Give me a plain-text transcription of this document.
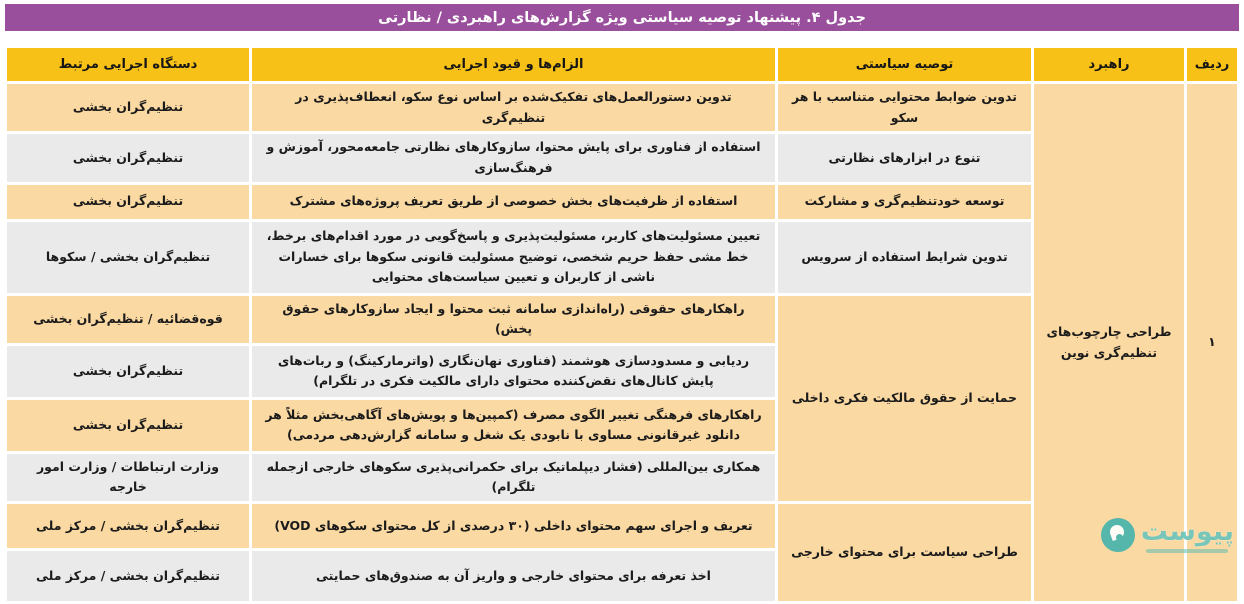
جدول ۴. پیشنهاد توصیه سیاستی ویژه گزارش‌های راهبردی / نظارتی
ردیف	راهبرد	توصیه سیاستی	الزام‌ها و قیود اجرایی	دستگاه اجرایی مرتبط
۱	طراحی چارچوب‌های تنظیم‌گری نوین	تدوین ضوابط محتوایی متناسب با هر سکو	تدوین دستورالعمل‌های تفکیک‌شده بر اساس نوع سکو، انعطاف‌پذیری در تنظیم‌گری	تنظیم‌گران بخشی
		تنوع در ابزارهای نظارتی	استفاده از فناوری برای پایش محتوا، سازوکارهای نظارتی جامعه‌محور، آموزش و فرهنگ‌سازی	تنظیم‌گران بخشی
		توسعه خودتنظیم‌گری و مشارکت	استفاده از ظرفیت‌های بخش خصوصی از طریق تعریف پروژه‌های مشترک	تنظیم‌گران بخشی
		تدوین شرایط استفاده از سرویس	تعیین مسئولیت‌های کاربر، مسئولیت‌پذیری و پاسخ‌گویی در مورد اقدام‌های برخط، خط مشی حفظ حریم شخصی، توضیح مسئولیت قانونی سکوها برای خسارات ناشی از کاربران و تعیین سیاست‌های محتوایی	تنظیم‌گران بخشی / سکوها
		حمایت از حقوق مالکیت فکری داخلی	راهکارهای حقوقی (راه‌اندازی سامانه ثبت محتوا و ایجاد سازوکارهای حقوق پخش)	قوه‌قضائیه / تنظیم‌گران بخشی
			ردیابی و مسدودسازی هوشمند (فناوری نهان‌نگاری (واترمارکینگ) و ربات‌های پایش کانال‌های نقض‌کننده محتوای دارای مالکیت فکری در تلگرام)	تنظیم‌گران بخشی
			راهکارهای فرهنگی تغییر الگوی مصرف (کمپین‌ها و پویش‌های آگاهی‌بخش مثلاً هر دانلود غیرقانونی مساوی با نابودی یک شغل و سامانه گزارش‌دهی مردمی)	تنظیم‌گران بخشی
			همکاری بین‌المللی (فشار دیپلماتیک برای حکمرانی‌پذیری سکوهای خارجی ازجمله تلگرام)	وزارت ارتباطات / وزارت امور خارجه
		طراحی سیاست برای محتوای خارجی	تعریف و اجرای سهم محتوای داخلی (۳۰ درصدی از کل محتوای سکوهای VOD)	تنظیم‌گران بخشی / مرکز ملی
			اخذ تعرفه برای محتوای خارجی و واریز آن به صندوق‌های حمایتی	تنظیم‌گران بخشی / مرکز ملی
پیوست
